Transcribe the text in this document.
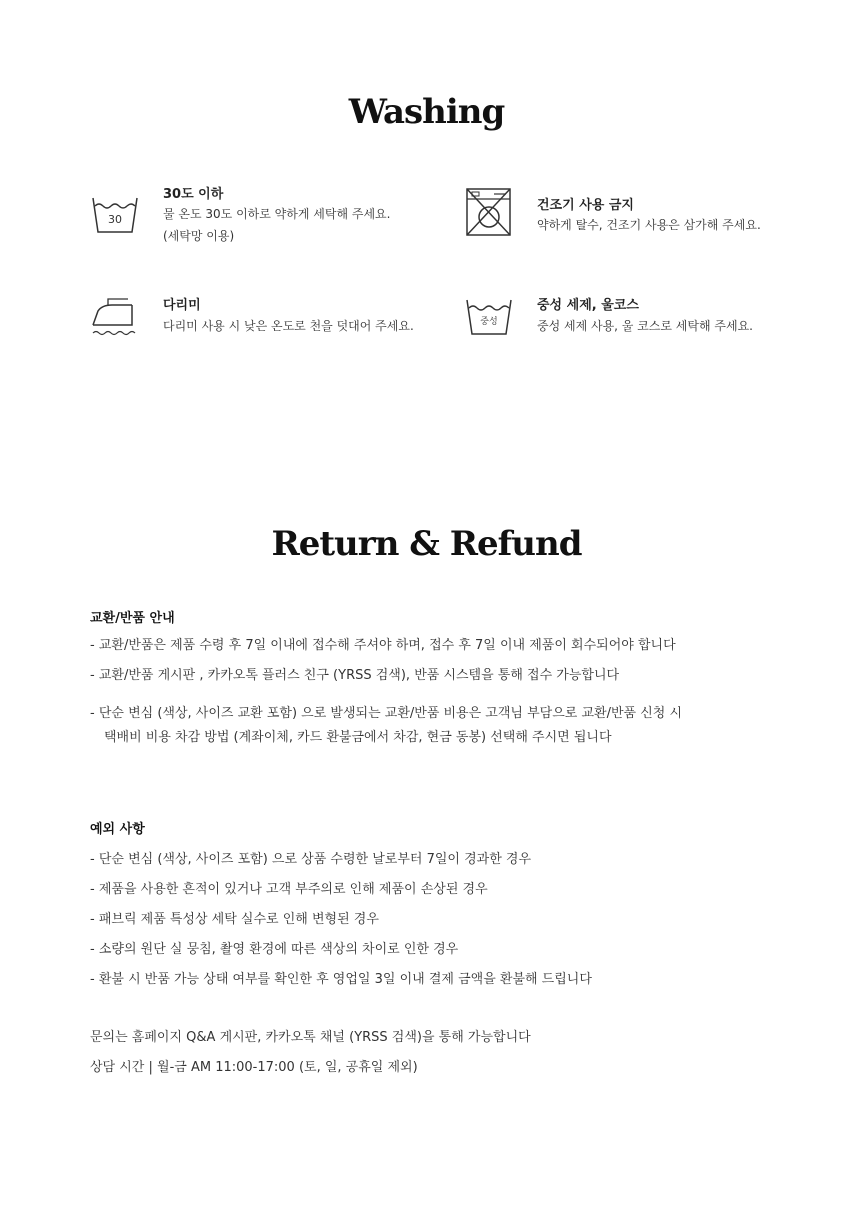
Washing
30
30도 이하
물 온도 30도 이하로 약하게 세탁해 주세요.
(세탁망 이용)
건조기 사용 금지
약하게 탈수, 건조기 사용은 삼가해 주세요.
다리미
다리미 사용 시 낮은 온도로 천을 덧대어 주세요.	중성
중성 세제, 울코스
중성 세제 사용, 울 코스로 세탁해 주세요.
Return & Refund
교환/반품 안내
- 교환/반품은 제품 수령 후 7일 이내에 접수해 주셔야 하며, 접수 후 7일 이내 제품이 회수되어야 합니다
- 교환/반품 게시판 , 카카오톡 플러스 친구 (YRSS 검색), 반품 시스템을 통해 접수 가능합니다
- 단순 변심 (색상, 사이즈 교환 포함) 으로 발생되는 교환/반품 비용은 고객님 부담으로 교환/반품 신청 시
택배비 비용 차감 방법 (계좌이체, 카드 환불금에서 차감, 현금 동봉) 선택해 주시면 됩니다
예외 사항
- 단순 변심 (색상, 사이즈 포함) 으로 상품 수령한 날로부터 7일이 경과한 경우
- 제품을 사용한 흔적이 있거나 고객 부주의로 인해 제품이 손상된 경우
- 패브릭 제품 특성상 세탁 실수로 인해 변형된 경우
- 소량의 원단 실 뭉침, 촬영 환경에 따른 색상의 차이로 인한 경우
- 환불 시 반품 가능 상태 여부를 확인한 후 영업일 3일 이내 결제 금액을 환불해 드립니다
문의는 홈페이지 Q&A 게시판, 카카오톡 채널 (YRSS 검색)을 통해 가능합니다
상담 시간 | 월-금 AM 11:00-17:00 (토, 일, 공휴일 제외)
